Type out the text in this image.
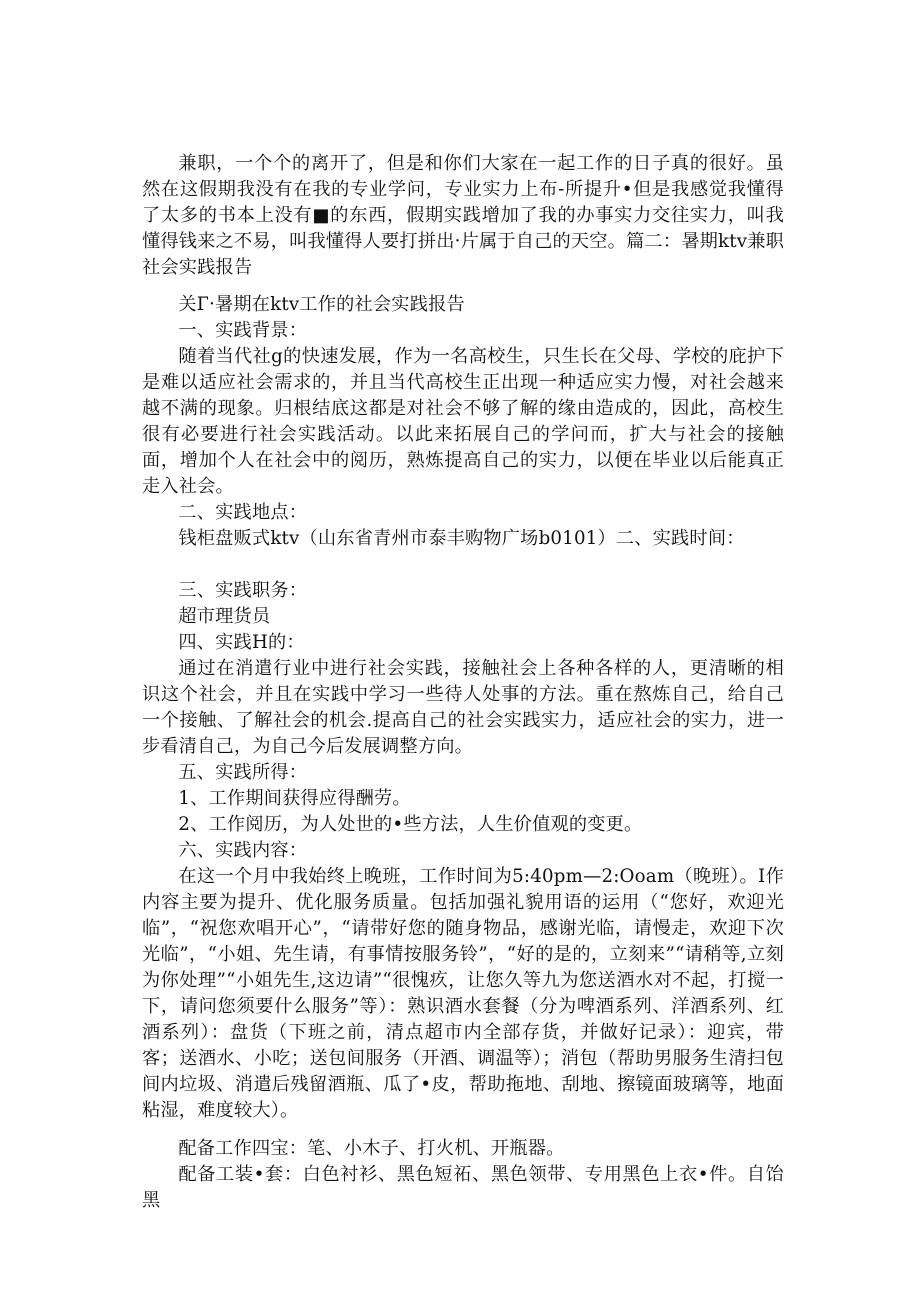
兼职，一个个的离开了，但是和你们大家在一起工作的日子真的很好。虽然在这假期我没有在我的专业学问，专业实力上布-所提升•但是我感觉我懂得了太多的书本上没有■的东西，假期实践增加了我的办事实力交往实力，叫我懂得钱来之不易，叫我懂得人要打拼出·片属于自己的天空。篇二：暑期ktv兼职社会实践报告

关Г·暑期在ktv工作的社会实践报告

一、实践背景：

随着当代社g的快速发展，作为一名高校生，只生长在父母、学校的庇护下是难以适应社会需求的，并且当代高校生正出现一种适应实力慢，对社会越来越不满的现象。归根结底这都是对社会不够了解的缘由造成的，因此，高校生很有必要进行社会实践活动。以此来拓展自己的学问而，扩大与社会的接触面，增加个人在社会中的阅历，熟炼提高自己的实力，以便在毕业以后能真正走入社会。

二、实践地点：

钱柜盘贩式ktv（山东省青州市泰丰购物广场b0101）二、实践时间：

三、实践职务：

超市理货员

四、实践H的：

通过在消遣行业中进行社会实践，接触社会上各种各样的人，更清晰的相识这个社会，并且在实践中学习一些待人处事的方法。重在熬炼自己，给自己一个接触、了解社会的机会.提高自己的社会实践实力，适应社会的实力，进一步看清自己，为自己今后发展调整方向。

五、实践所得：

1、工作期间获得应得酬劳。

2、工作阅历，为人处世的•些方法，人生价值观的变更。

六、实践内容：

在这一个月中我始终上晚班，工作时间为5:40pm—2:Ooam（晚班）。I作内容主要为提升、优化服务质量。包括加强礼貌用语的运用（“您好，欢迎光临”，“祝您欢唱开心”，“请带好您的随身物品，感谢光临，请慢走，欢迎下次光临”，“小姐、先生请，有事情按服务铃”，“好的是的，立刻来”“请稍等,立刻为你处理”“小姐先生,这边请”“很愧疚，让您久等九为您送酒水对不起，打搅一下，请问您须要什么服务”等）：熟识酒水套餐（分为啤酒系列、洋酒系列、红酒系列）：盘货（下班之前，清点超市内全部存货，并做好记录）：迎宾，带客；送酒水、小吃；送包间服务（开酒、调温等）；消包（帮助男服务生清扫包间内垃圾、消遣后残留酒瓶、瓜了•皮，帮助拖地、刮地、擦镜面玻璃等，地面粘湿，难度较大）。

配备工作四宝：笔、小木子、打火机、开瓶器。

配备工装•套：白色衬衫、黑色短祏、黑色领带、专用黑色上衣•件。自饴黑
